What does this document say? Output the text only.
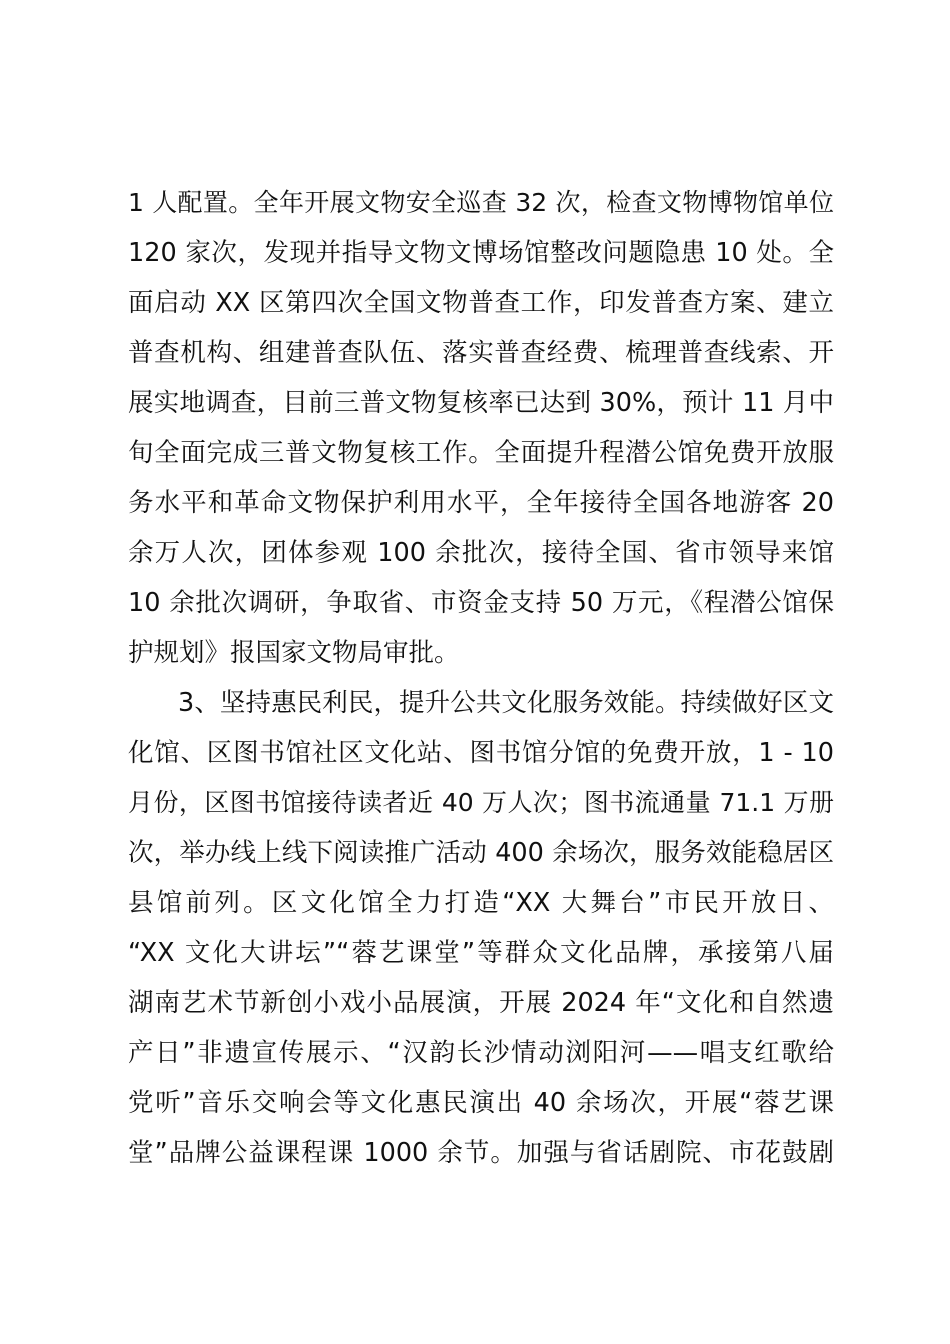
1 人配置。全年开展文物安全巡查 32 次，检查文物博物馆单位
120 家次，发现并指导文物文博场馆整改问题隐患 10 处。全
面启动 XX 区第四次全国文物普查工作，印发普查方案、建立
普查机构、组建普查队伍、落实普查经费、梳理普查线索、开
展实地调查，目前三普文物复核率已达到 30%，预计 11 月中
旬全面完成三普文物复核工作。全面提升程潜公馆免费开放服
务水平和革命文物保护利用水平，全年接待全国各地游客 20
余万人次，团体参观 100 余批次，接待全国、省市领导来馆
10 余批次调研，争取省、市资金支持 50 万元，《程潜公馆保
护规划》报国家文物局审批。
3、坚持惠民利民，提升公共文化服务效能。持续做好区文
化馆、区图书馆社区文化站、图书馆分馆的免费开放，1 - 10
月份，区图书馆接待读者近 40 万人次；图书流通量 71.1 万册
次，举办线上线下阅读推广活动 400 余场次，服务效能稳居区
县馆前列。区文化馆全力打造“XX 大舞台”市民开放日、
“XX 文化大讲坛”“蓉艺课堂”等群众文化品牌，承接第八届
湖南艺术节新创小戏小品展演，开展 2024 年“文化和自然遗
产日”非遗宣传展示、“汉韵长沙情动浏阳河——唱支红歌给
党听”音乐交响会等文化惠民演出 40 余场次，开展“蓉艺课
堂”品牌公益课程课 1000 余节。加强与省话剧院、市花鼓剧
